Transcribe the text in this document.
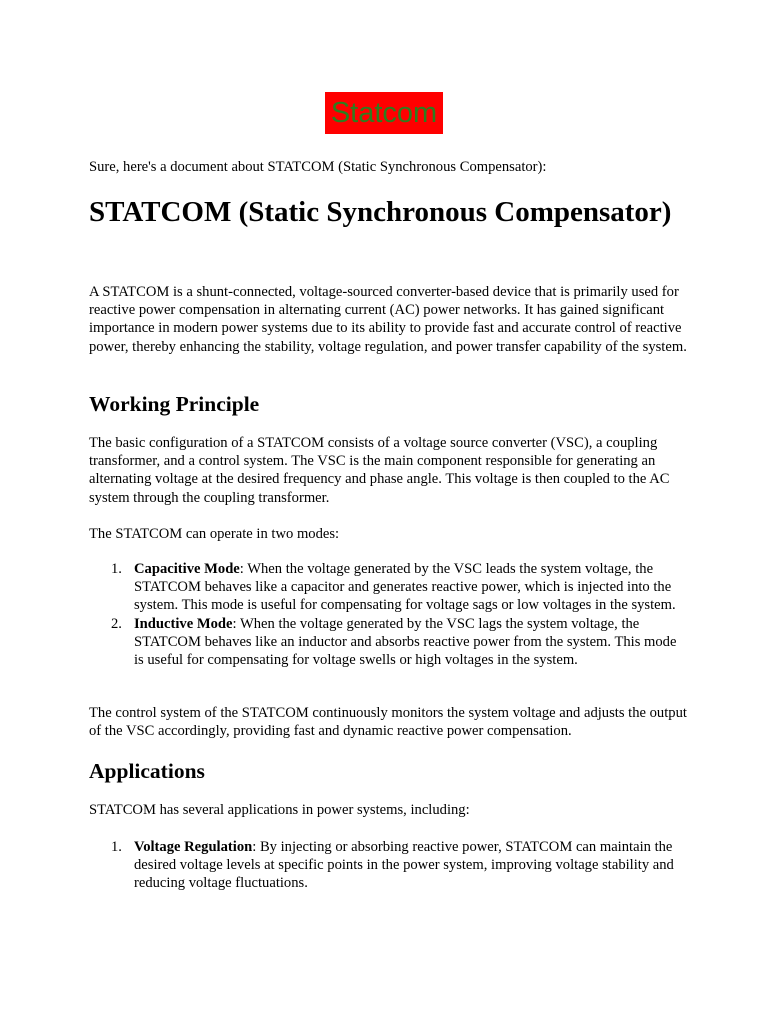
Statcom

Sure, here's a document about STATCOM (Static Synchronous Compensator):

STATCOM (Static Synchronous Compensator)

A STATCOM is a shunt-connected, voltage-sourced converter-based device that is primarily used for reactive power compensation in alternating current (AC) power networks. It has gained significant importance in modern power systems due to its ability to provide fast and accurate control of reactive power, thereby enhancing the stability, voltage regulation, and power transfer capability of the system.

Working Principle

The basic configuration of a STATCOM consists of a voltage source converter (VSC), a coupling transformer, and a control system. The VSC is the main component responsible for generating an alternating voltage at the desired frequency and phase angle. This voltage is then coupled to the AC system through the coupling transformer.

The STATCOM can operate in two modes:

1. Capacitive Mode: When the voltage generated by the VSC leads the system voltage, the STATCOM behaves like a capacitor and generates reactive power, which is injected into the system. This mode is useful for compensating for voltage sags or low voltages in the system.
2. Inductive Mode: When the voltage generated by the VSC lags the system voltage, the STATCOM behaves like an inductor and absorbs reactive power from the system. This mode is useful for compensating for voltage swells or high voltages in the system.

The control system of the STATCOM continuously monitors the system voltage and adjusts the output of the VSC accordingly, providing fast and dynamic reactive power compensation.

Applications

STATCOM has several applications in power systems, including:

1. Voltage Regulation: By injecting or absorbing reactive power, STATCOM can maintain the desired voltage levels at specific points in the power system, improving voltage stability and reducing voltage fluctuations.
